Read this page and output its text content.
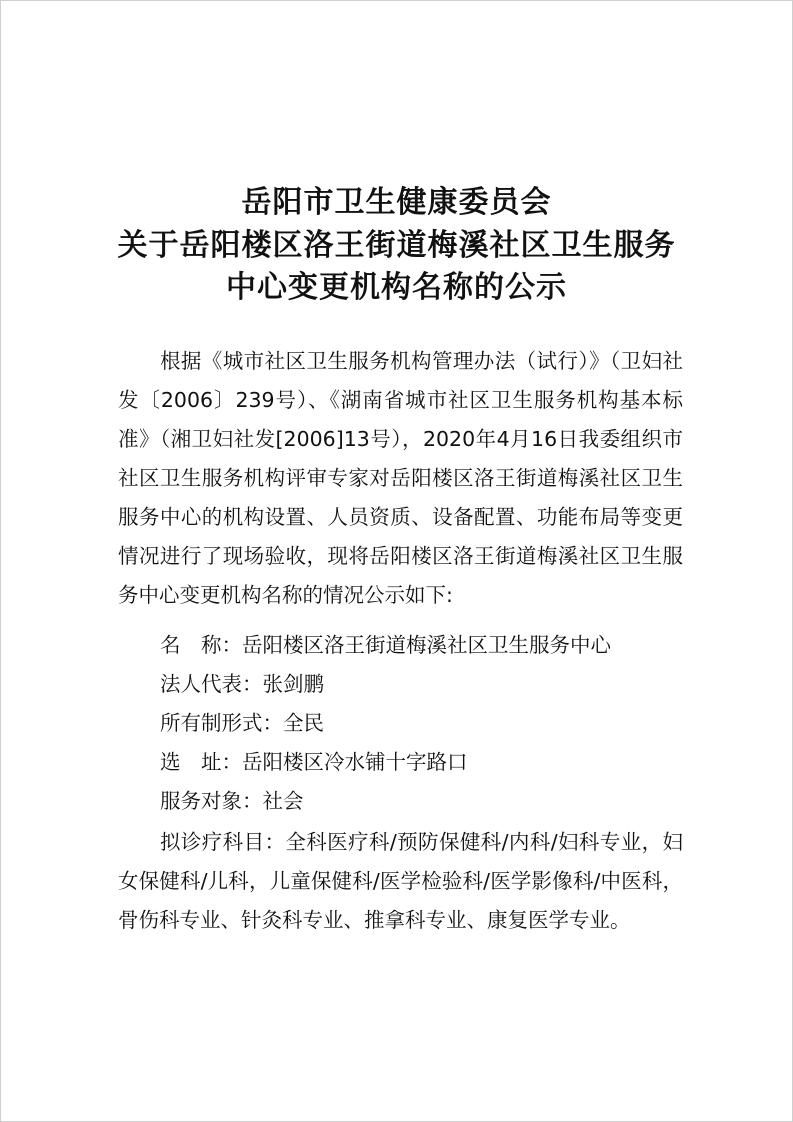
岳阳市卫生健康委员会
关于岳阳楼区洛王街道梅溪社区卫生服务
中心变更机构名称的公示
根据《城市社区卫生服务机构管理办法（试行）》（卫妇社发〔2006〕239号）、《湖南省城市社区卫生服务机构基本标准》（湘卫妇社发[2006]13号），2020年4月16日我委组织市社区卫生服务机构评审专家对岳阳楼区洛王街道梅溪社区卫生服务中心的机构设置、人员资质、设备配置、功能布局等变更情况进行了现场验收，现将岳阳楼区洛王街道梅溪社区卫生服务中心变更机构名称的情况公示如下:
名　称：岳阳楼区洛王街道梅溪社区卫生服务中心
法人代表：张剑鹏
所有制形式：全民
选　址：岳阳楼区冷水铺十字路口
服务对象：社会
拟诊疗科目：全科医疗科/预防保健科/内科/妇科专业，妇女保健科/儿科，儿童保健科/医学检验科/医学影像科/中医科，骨伤科专业、针灸科专业、推拿科专业、康复医学专业。
